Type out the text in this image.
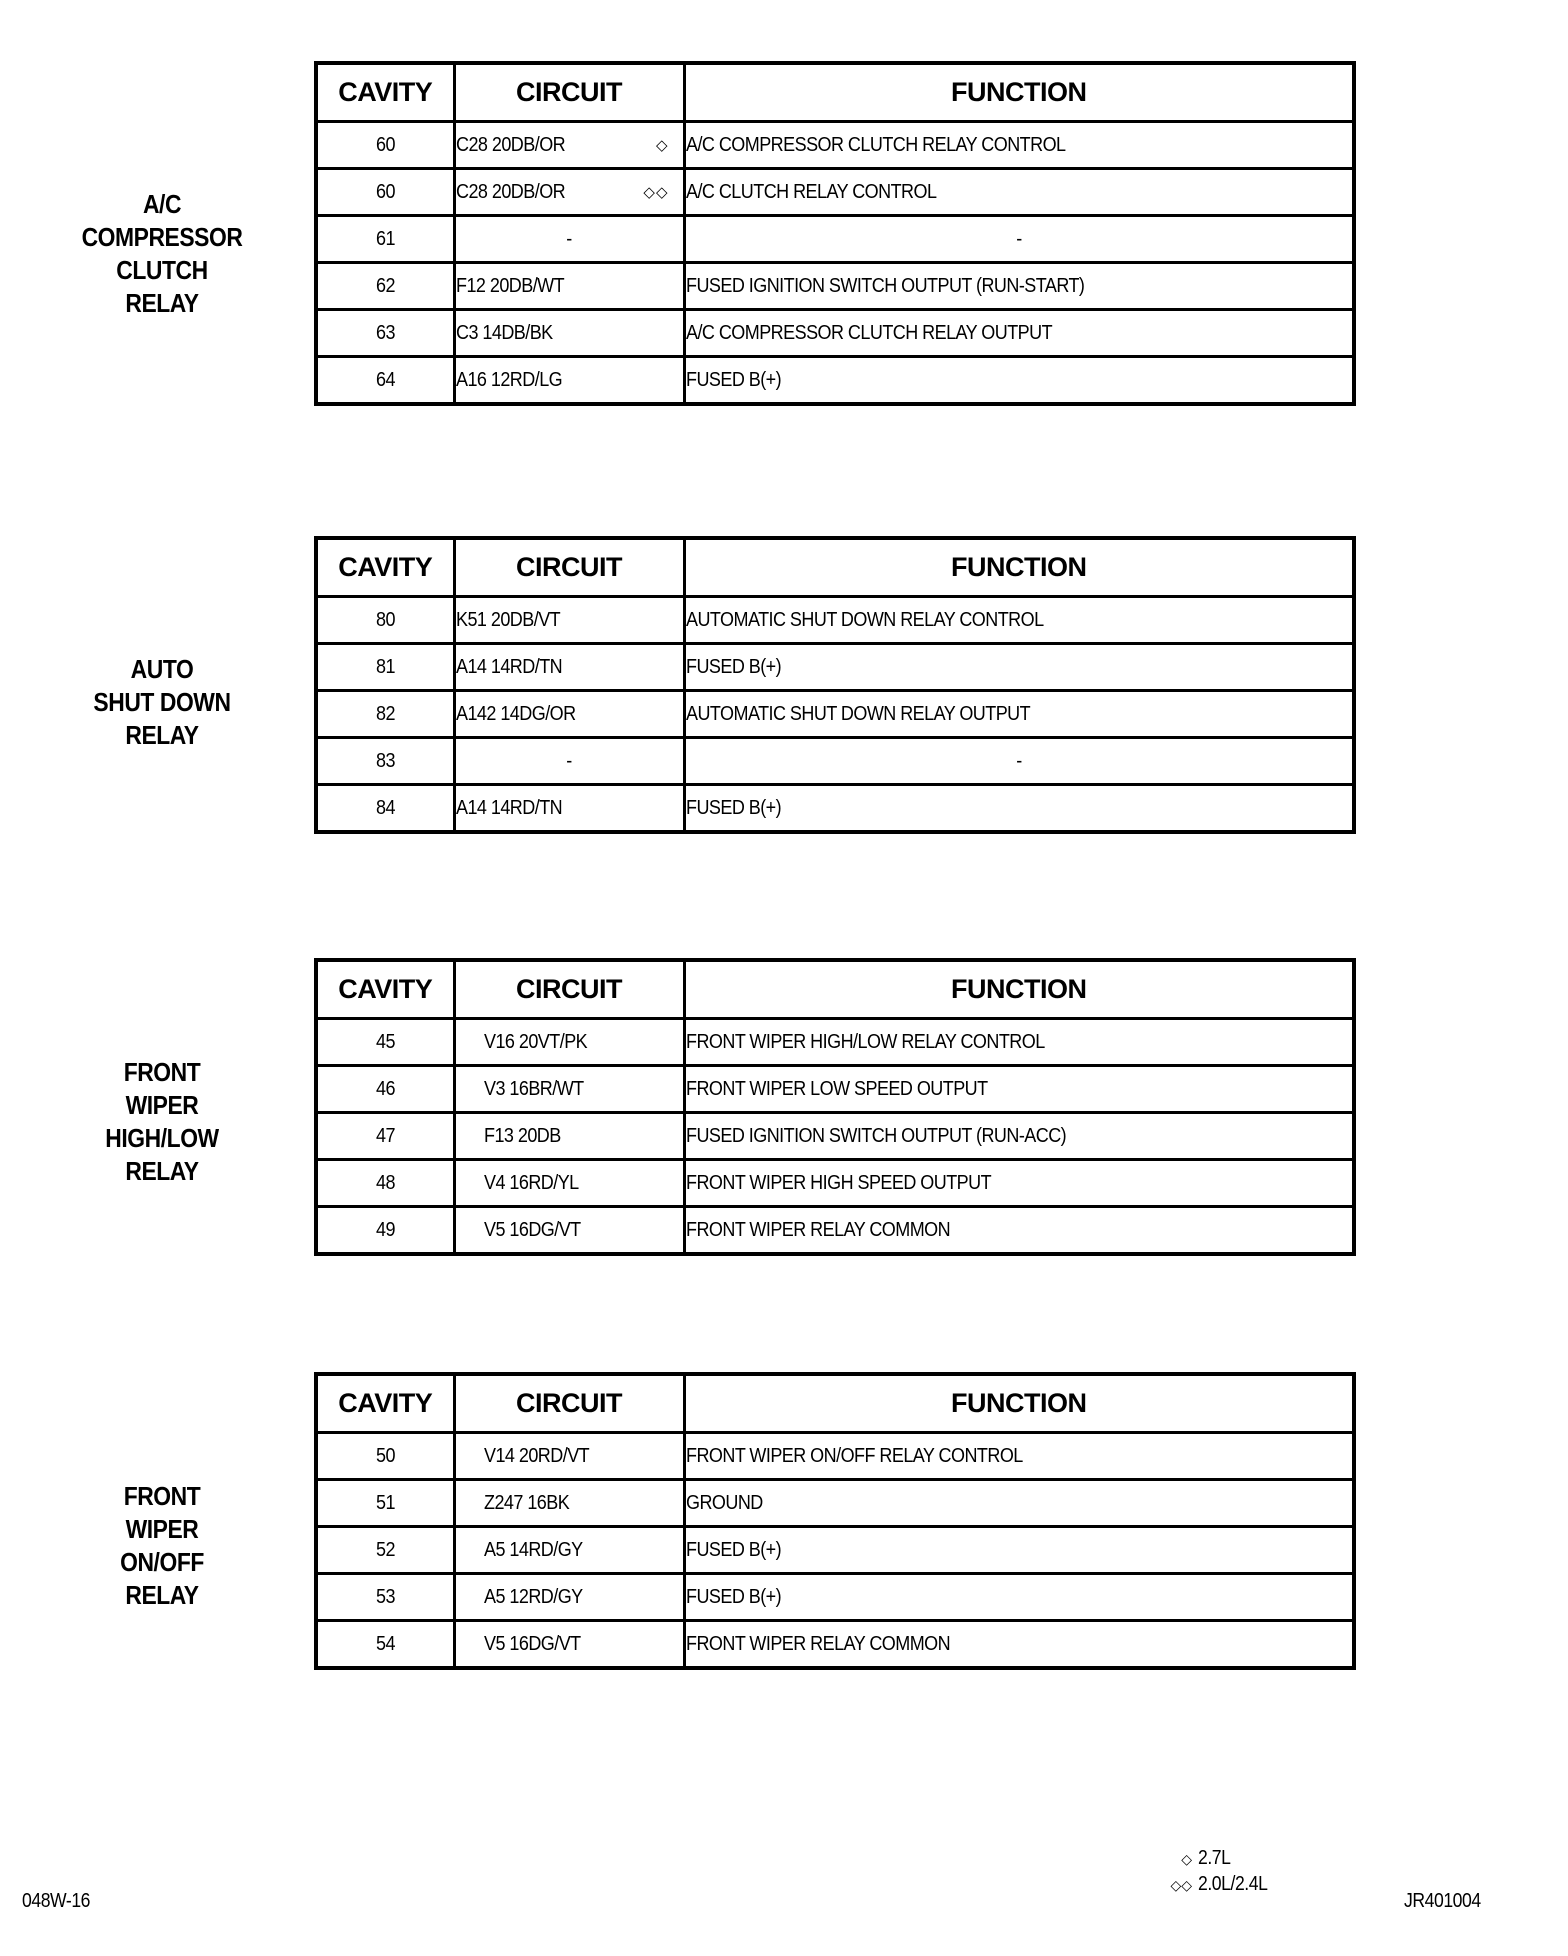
A/C
COMPRESSOR
CLUTCH
RELAY
CAVITY	CIRCUIT	FUNCTION
60	C28 20DB/OR ◇	A/C COMPRESSOR CLUTCH RELAY CONTROL
60	C28 20DB/OR ◇◇	A/C CLUTCH RELAY CONTROL
61	-	-
62	F12 20DB/WT	FUSED IGNITION SWITCH OUTPUT (RUN-START)
63	C3 14DB/BK	A/C COMPRESSOR CLUTCH RELAY OUTPUT
64	A16 12RD/LG	FUSED B(+)
AUTO
SHUT DOWN
RELAY
CAVITY	CIRCUIT	FUNCTION
80	K51 20DB/VT	AUTOMATIC SHUT DOWN RELAY CONTROL
81	A14 14RD/TN	FUSED B(+)
82	A142 14DG/OR	AUTOMATIC SHUT DOWN RELAY OUTPUT
83	-	-
84	A14 14RD/TN	FUSED B(+)
FRONT
WIPER
HIGH/LOW
RELAY
CAVITY	CIRCUIT	FUNCTION
45	V16 20VT/PK	FRONT WIPER HIGH/LOW RELAY CONTROL
46	V3 16BR/WT	FRONT WIPER LOW SPEED OUTPUT
47	F13 20DB	FUSED IGNITION SWITCH OUTPUT (RUN-ACC)
48	V4 16RD/YL	FRONT WIPER HIGH SPEED OUTPUT
49	V5 16DG/VT	FRONT WIPER RELAY COMMON
FRONT
WIPER
ON/OFF
RELAY
CAVITY	CIRCUIT	FUNCTION
50	V14 20RD/VT	FRONT WIPER ON/OFF RELAY CONTROL
51	Z247 16BK	GROUND
52	A5 14RD/GY	FUSED B(+)
53	A5 12RD/GY	FUSED B(+)
54	V5 16DG/VT	FRONT WIPER RELAY COMMON
◇ 2.7L
◇◇ 2.0L/2.4L
048W-16	JR401004
